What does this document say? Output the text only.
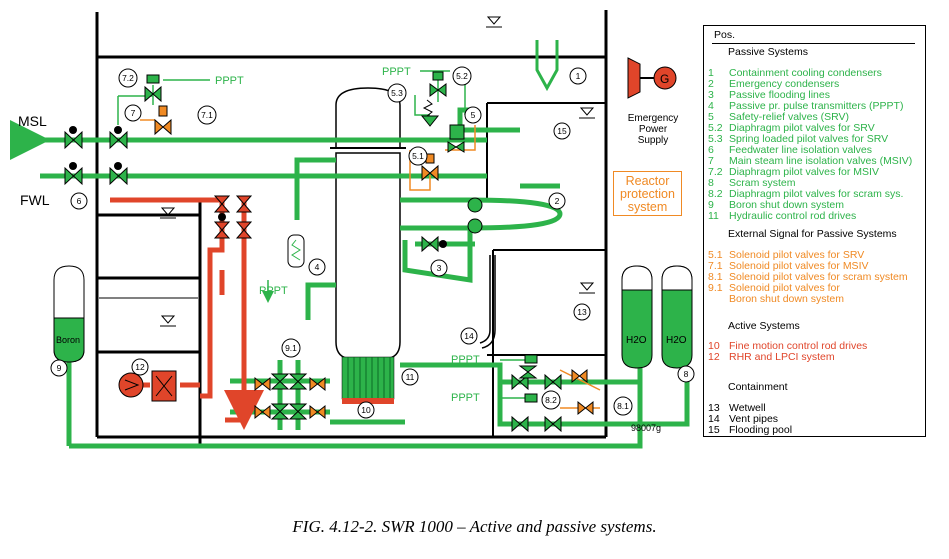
MSL
FWL
G
Boron	H2O H2O
98007g
PPPT
PPPT
PPPT
PPPT
PPPT
1
2
3
4
5
5.2
5.3
5.1
6
7	7.1
7.2
8
8.1
8.2
9
9.1
10
11
12
13
14
15
Emergency
Power
Supply
Reactor
protection
system
Pos.
Passive Systems
1	Containment cooling condensers
2	Emergency condensers
3	Passive flooding lines
4	Passive pr. pulse transmitters (PPPT)
5	Safety-relief valves (SRV)
5.2 Diaphragm pilot valves for SRV
5.3 Spring loaded pilot valves for SRV
6	Feedwater line isolation valves
7	Main steam line isolation valves (MSIV)
7.2 Diaphragm pilot valves for MSIV
8	Scram system
8.2 Diaphragm pilot valves for scram sys.
9	Boron shut down system
11 Hydraulic control rod drives
External Signal for Passive Systems
5.1 Solenoid pilot valves for SRV
7.1 Solenoid pilot valves for MSIV
8.1 Solenoid pilot valves for scram system
9.1 Solenoid pilot valves for
Boron shut down system
Active Systems
10 Fine motion control rod drives
12 RHR and LPCI system
Containment
13 Wetwell
14 Vent pipes
15 Flooding pool
FIG. 4.12-2. SWR 1000 – Active and passive systems.
